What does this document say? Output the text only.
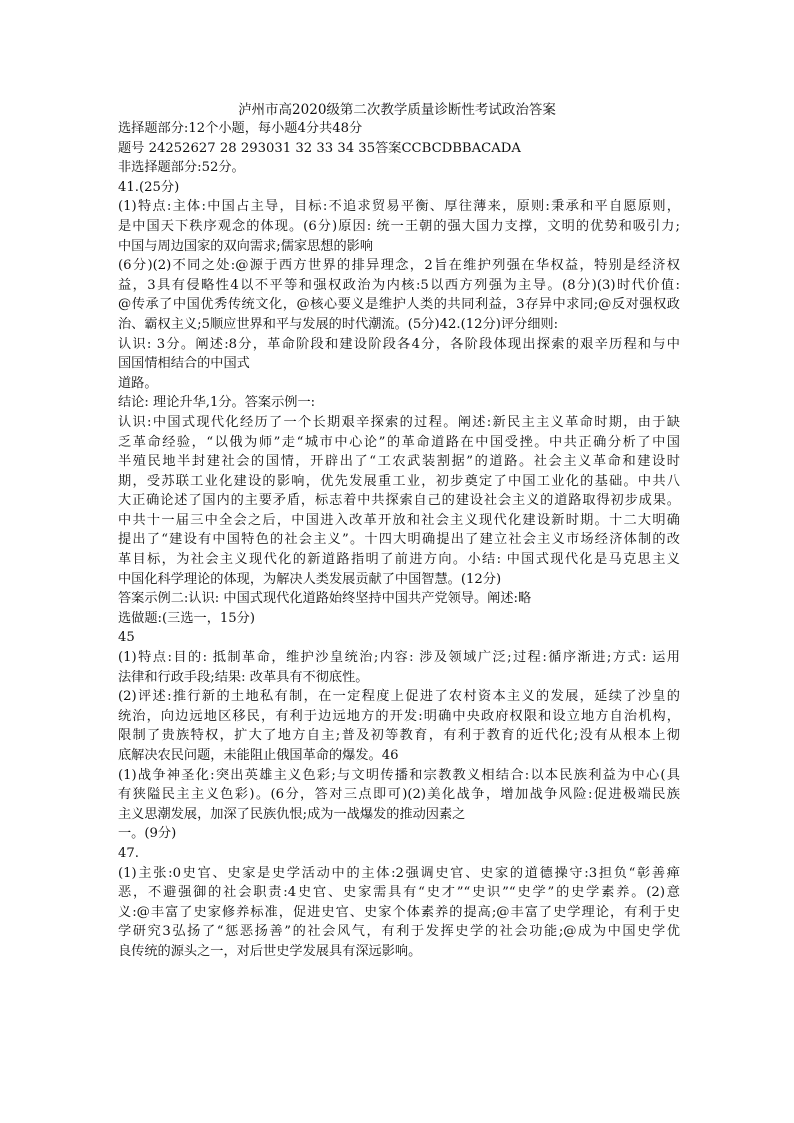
泸州市高2020级第二次教学质量诊断性考试政治答案
选择题部分:12个小题，每小题4分共48分
题号 24252627 28 293031 32 33 34 35答案CCBCDBBACADA
非选择题部分:52分。
41.(25分)
(1)特点:主体:中国占主导，目标:不追求贸易平衡、厚往薄来，原则:秉承和平自愿原则，
是中国天下秩序观念的体现。(6分)原因: 统一王朝的强大国力支撑，文明的优势和吸引力;
中国与周边国家的双向需求;儒家思想的影响
(6分)(2)不同之处:@源于西方世界的排异理念，2旨在维护列强在华权益，特别是经济权
益，3具有侵略性4以不平等和强权政治为内核:5以西方列强为主导。(8分)(3)时代价值:
@传承了中国优秀传统文化，@核心要义是维护人类的共同利益，3存异中求同;@反对强权政
治、霸权主义;5顺应世界和平与发展的时代潮流。(5分)42.(12分)评分细则:
认识: 3分。阐述:8分，革命阶段和建设阶段各4分，各阶段体现出探索的艰辛历程和与中
国国情相结合的中国式
道路。
结论: 理论升华,1分。答案示例一:
认识:中国式现代化经历了一个长期艰辛探索的过程。阐述:新民主主义革命时期，由于缺
乏革命经验，“以俄为师”走“城市中心论”的革命道路在中国受挫。中共正确分析了中国
半殖民地半封建社会的国情，开辟出了“工农武装割据”的道路。社会主义革命和建设时
期，受苏联工业化建设的影响，优先发展重工业，初步奠定了中国工业化的基础。中共八
大正确论述了国内的主要矛盾，标志着中共探索自己的建设社会主义的道路取得初步成果。
中共十一届三中全会之后，中国进入改革开放和社会主义现代化建设新时期。十二大明确
提出了“建设有中国特色的社会主义”。十四大明确提出了建立社会主义市场经济体制的改
革目标，为社会主义现代化的新道路指明了前进方向。小结: 中国式现代化是马克思主义
中国化科学理论的体现，为解决人类发展贡献了中国智慧。(12分)
答案示例二:认识: 中国式现代化道路始终坚持中国共产党领导。阐述:略
选做题:(三选一，15分)
45
(1)特点:目的: 抵制革命，维护沙皇统治;内容: 涉及领域广泛;过程:循序渐进;方式: 运用
法律和行政手段;结果: 改革具有不彻底性。
(2)评述:推行新的土地私有制，在一定程度上促进了农村资本主义的发展，延续了沙皇的
统治，向边远地区移民，有利于边远地方的开发:明确中央政府权限和设立地方自治机构，
限制了贵族特权，扩大了地方自主;普及初等教育，有利于教育的近代化;没有从根本上彻
底解决农民问题，未能阻止俄国革命的爆发。46
(1)战争神圣化:突出英雄主义色彩;与文明传播和宗教教义相结合:以本民族利益为中心(具
有狭隘民主主义色彩)。(6分，答对三点即可)(2)美化战争，增加战争风险:促进极端民族
主义思潮发展，加深了民族仇恨;成为一战爆发的推动因素之
一。(9分)
47.
(1)主张:0史官、史家是史学活动中的主体:2强调史官、史家的道德操守:3担负“彰善瘅
恶，不避强御的社会职责:4史官、史家需具有“史才”“史识”“史学”的史学素养。(2)意
义:@丰富了史家修养标准，促进史官、史家个体素养的提高;@丰富了史学理论，有利于史
学研究3弘扬了“惩恶扬善”的社会风气，有利于发挥史学的社会功能;@成为中国史学优
良传统的源头之一，对后世史学发展具有深远影响。
